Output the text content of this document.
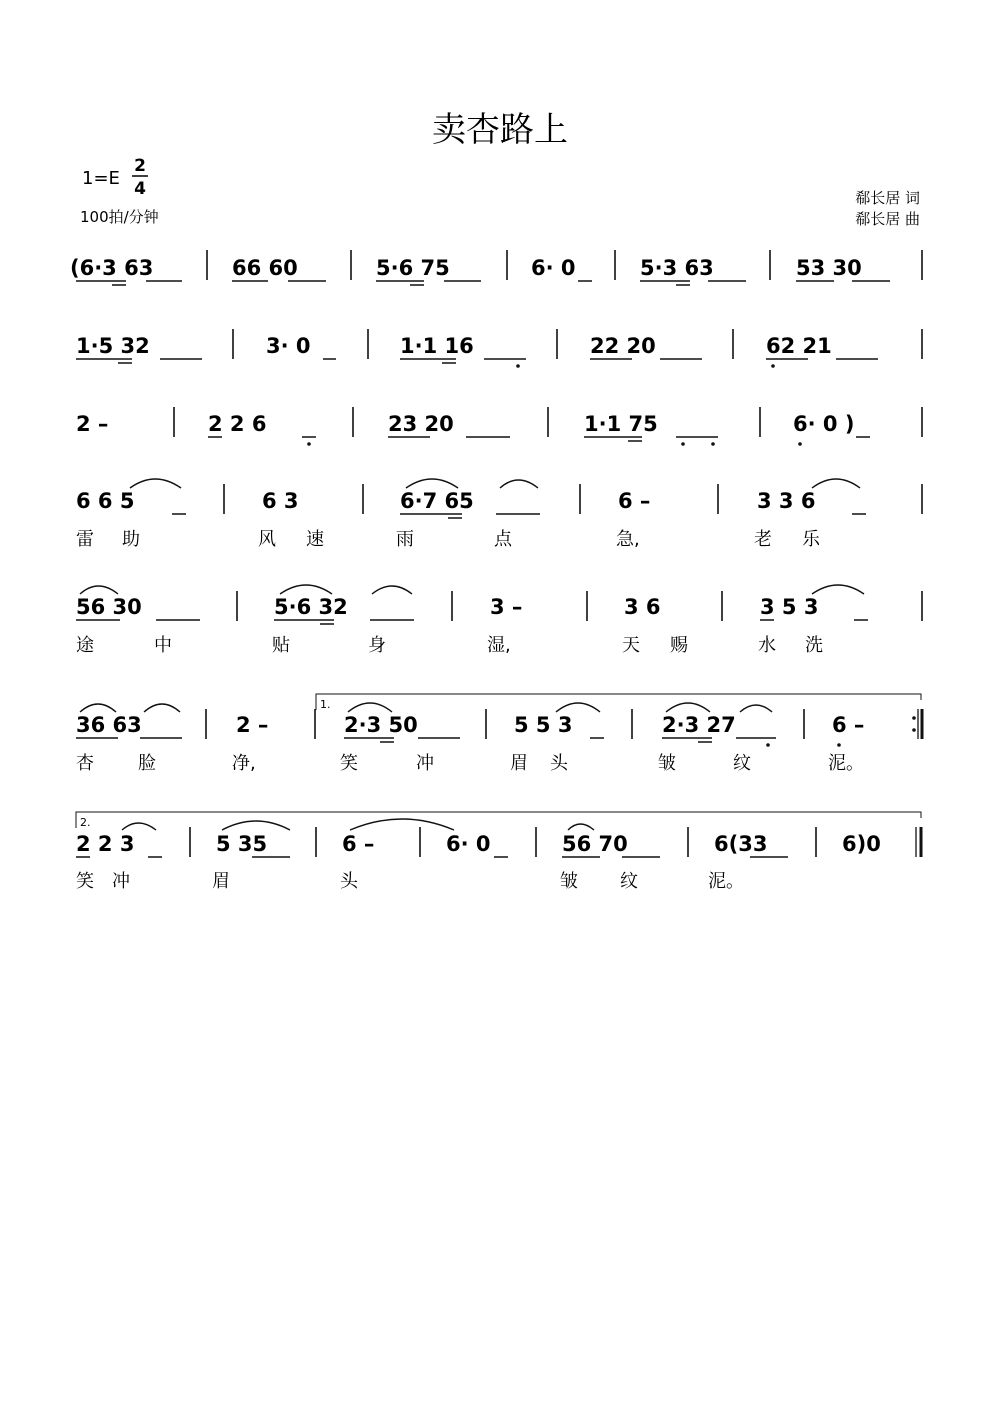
卖杏路上
1=E
2
4
100拍/分钟
郗长居 词
郗长居 曲
(6·3 63	66 60	5·6 75	6· 0	5·3 63	53 30
1·5 32	3· 0	1·1 16	22 20	62 21
2 –	2 2 6	23 20	1·1 75	6· 0 )
6 6 5	6 3	6·7 65	6 –	3 3 6
雷 助	风 速	雨	点	急,	老 乐
56 30	5·6 32	3 –	3 6	3 5 3
途	中	贴	身	湿,	天 赐	水 洗
36 63	2 –	2·3 50	5 5 3	2·3 27	6 –
1.
杏 脸	净,	笑	冲	眉 头	皱	纹	泥。
2.
2 2 3	5 35	6 –	6· 0	56 70	6(33	6)0
笑 冲	眉	头	皱 纹	泥。
